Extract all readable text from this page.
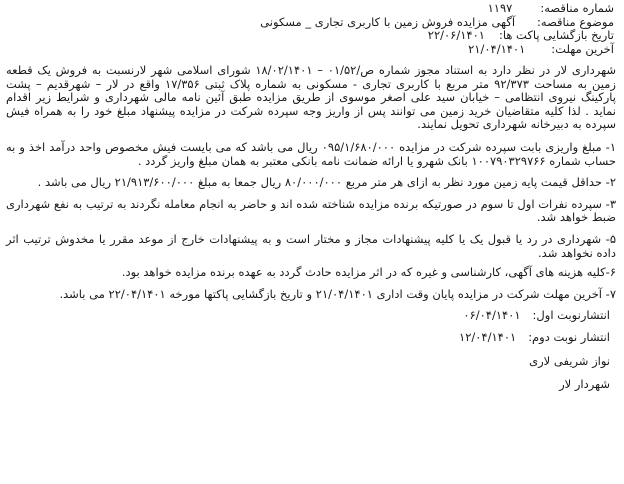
شماره مناقصه:۱۱۹۷
موضوع مناقصه:آگهی مزایده فروش زمین با کاربری تجاری _ مسکونی
تاریخ بازگشایی پاکت ها:۲۲/۰۶/۱۴۰۱
آخرین مهلت:۲۱/۰۴/۱۴۰۱

شهرداری لار در نظر دارد به استناد مجوز شماره ص/۰۱/۵۲ – ۱۸/۰۲/۱۴۰۱ شورای اسلامی شهر لارنسبت به فروش یک قطعه زمین به مساحت ۹۲/۳۷۳ متر مربع با کاربری تجاری - مسکونی به شماره پلاک ثبتی ۱۷/۳۵۶ واقع در لار – شهرقدیم – پشت پارکینگ نیروی انتظامی – خیابان سید علی اصغر موسوی از طریق مزایده طبق آئین نامه مالی شهرداری و شرایط زیر اقدام نماید . لذا کلیه متقاضیان خرید زمین می توانند پس از واریز وجه سپرده شرکت در مزایده پیشنهاد مبلغ خود را به همراه فیش سپرده به دبیرخانه شهرداری تحویل نمایند.

۱- مبلغ واریزی بابت سپرده شرکت در مزایده ۰۹۵/۱/۶۸۰/۰۰۰ ریال می باشد که می بایست فیش مخصوص واحد درآمد اخذ و به حساب شماره ۱۰۰۷۹۰۳۲۹۷۶۶ بانک شهرو یا ارائه ضمانت نامه بانکی معتبر به همان مبلغ واریز گردد .

۲- حداقل قیمت پایه زمین مورد نظر به ازای هر متر مربع ۸۰/۰۰۰/۰۰۰ ریال جمعا به مبلغ ۲۱/۹۱۳/۶۰۰/۰۰۰ ریال می باشد .

۳- سپرده نفرات اول تا سوم در صورتیکه برنده مزایده شناخته شده اند و حاضر به انجام معامله نگردند به ترتیب به نفع شهرداری ضبط خواهد شد.

۵- شهرداری در رد یا قبول یک یا کلیه پیشنهادات مجاز و مختار است و به پیشنهادات خارج از موعد مقرر یا مخدوش ترتیب اثر داده نخواهد شد.

۶-کلیه هزینه های آگهی، کارشناسی و غیره که در اثر مزایده حادث گردد به عهده برنده مزایده خواهد بود.

۷- آخرین مهلت شرکت در مزایده پایان وقت اداری ۲۱/۰۴/۱۴۰۱ و تاریخ بازگشایی پاکتها مورخه ۲۲/۰۴/۱۴۰۱ می باشد.

انتشارنوبت اول:۰۶/۰۴/۱۴۰۱
انتشار نوبت دوم:۱۲/۰۴/۱۴۰۱
نواز شریفی لاری
شهردار لار
